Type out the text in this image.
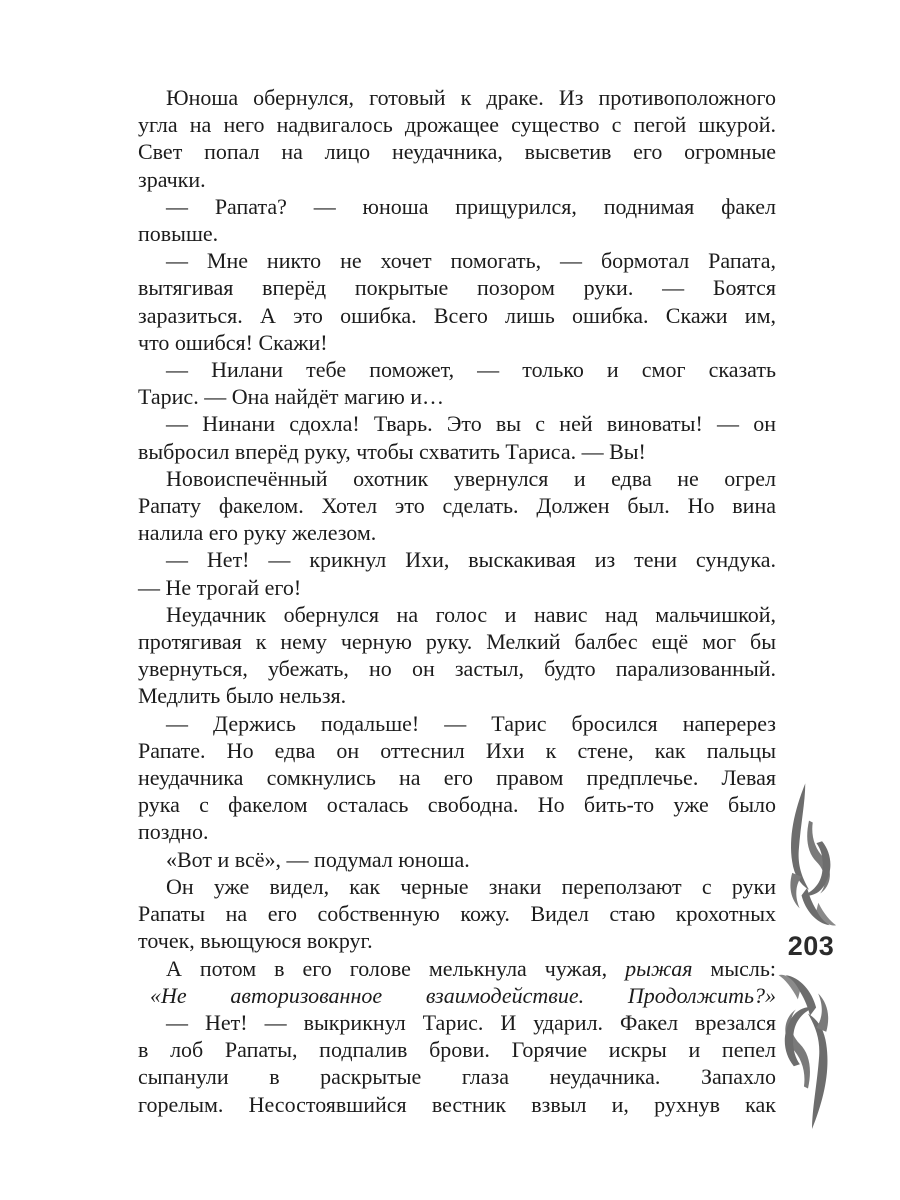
Юноша обернулся, готовый к драке. Из противоположного
угла на него надвигалось дрожащее существо с пегой шкурой.
Свет попал на лицо неудачника, высветив его огромные
зрачки.
— Рапата? — юноша прищурился, поднимая факел
повыше.
— Мне никто не хочет помогать, — бормотал Рапата,
вытягивая вперёд покрытые позором руки. — Боятся
заразиться. А это ошибка. Всего лишь ошибка. Скажи им,
что ошибся! Скажи!
— Нилани тебе поможет, — только и смог сказать
Тарис. — Она найдёт магию и…
— Нинани сдохла! Тварь. Это вы с ней виноваты! — он
выбросил вперёд руку, чтобы схватить Тариса. — Вы!
Новоиспечённый охотник увернулся и едва не огрел
Рапату факелом. Хотел это сделать. Должен был. Но вина
налила его руку железом.
— Нет! — крикнул Ихи, выскакивая из тени сундука.
— Не трогай его!
Неудачник обернулся на голос и навис над мальчишкой,
протягивая к нему черную руку. Мелкий балбес ещё мог бы
увернуться, убежать, но он застыл, будто парализованный.
Медлить было нельзя.
— Держись подальше! — Тарис бросился наперерез
Рапате. Но едва он оттеснил Ихи к стене, как пальцы
неудачника сомкнулись на его правом предплечье. Левая
рука с факелом осталась свободна. Но бить-то уже было
поздно.
«Вот и всё», — подумал юноша.
Он уже видел, как черные знаки переползают с руки
Рапаты на его собственную кожу. Видел стаю крохотных
точек, вьющуюся вокруг.
А потом в его голове мелькнула чужая, рыжая мысль:
«Не авторизованное взаимодействие. Продолжить?»
— Нет! — выкрикнул Тарис. И ударил. Факел врезался
в лоб Рапаты, подпалив брови. Горячие искры и пепел
сыпанули в раскрытые глаза неудачника. Запахло
горелым. Несостоявшийся вестник взвыл и, рухнув как
203
